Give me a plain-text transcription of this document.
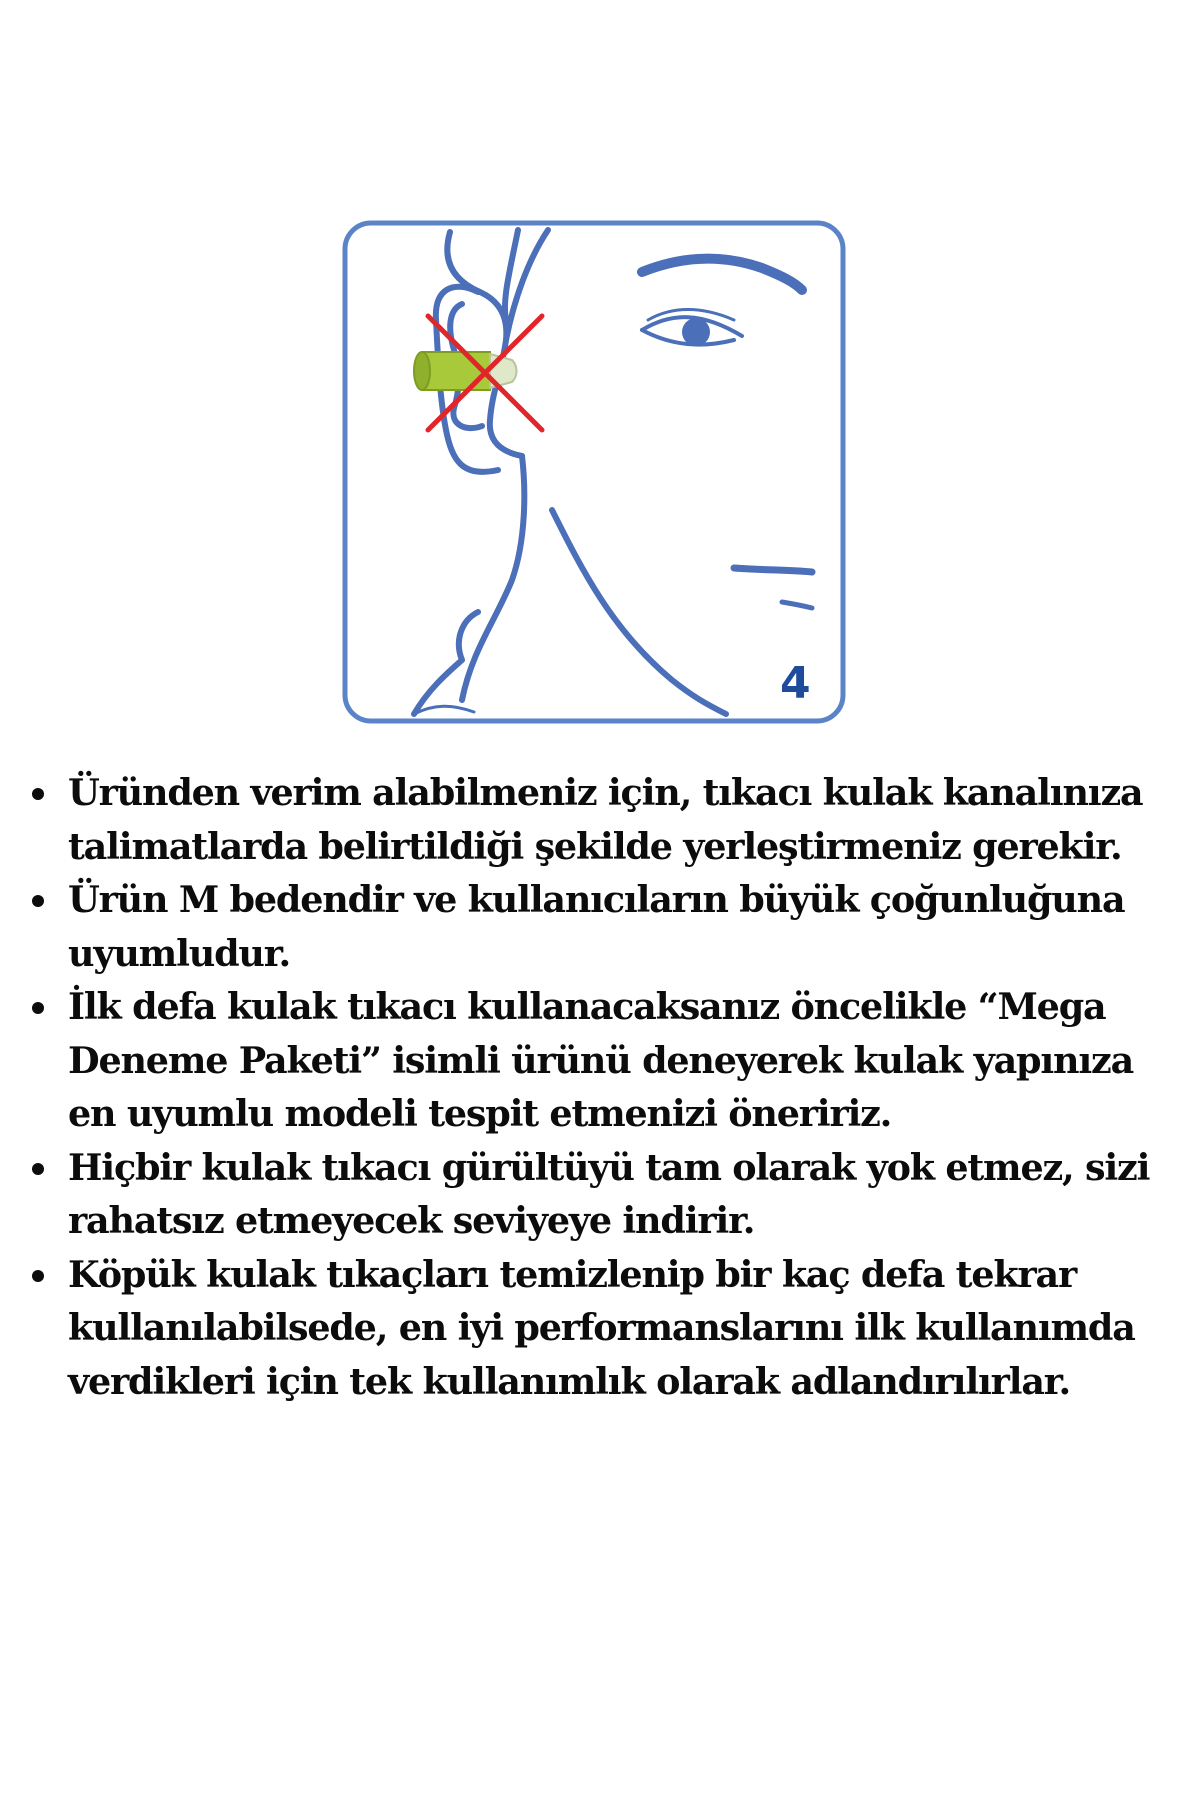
4
Üründen verim alabilmeniz için, tıkacı kulak kanalınıza talimatlarda belirtildiği şekilde yerleştirmeniz gerekir.
Ürün M bedendir ve kullanıcıların büyük çoğunluğuna uyumludur.
İlk defa kulak tıkacı kullanacaksanız öncelikle “Mega Deneme Paketi” isimli ürünü deneyerek kulak yapınıza en uyumlu modeli tespit etmenizi öneririz.
Hiçbir kulak tıkacı gürültüyü tam olarak yok etmez, sizi rahatsız etmeyecek seviyeye indirir.
Köpük kulak tıkaçları temizlenip bir kaç defa tekrar kullanılabilsede, en iyi performanslarını ilk kullanımda verdikleri için tek kullanımlık olarak adlandırılırlar.
